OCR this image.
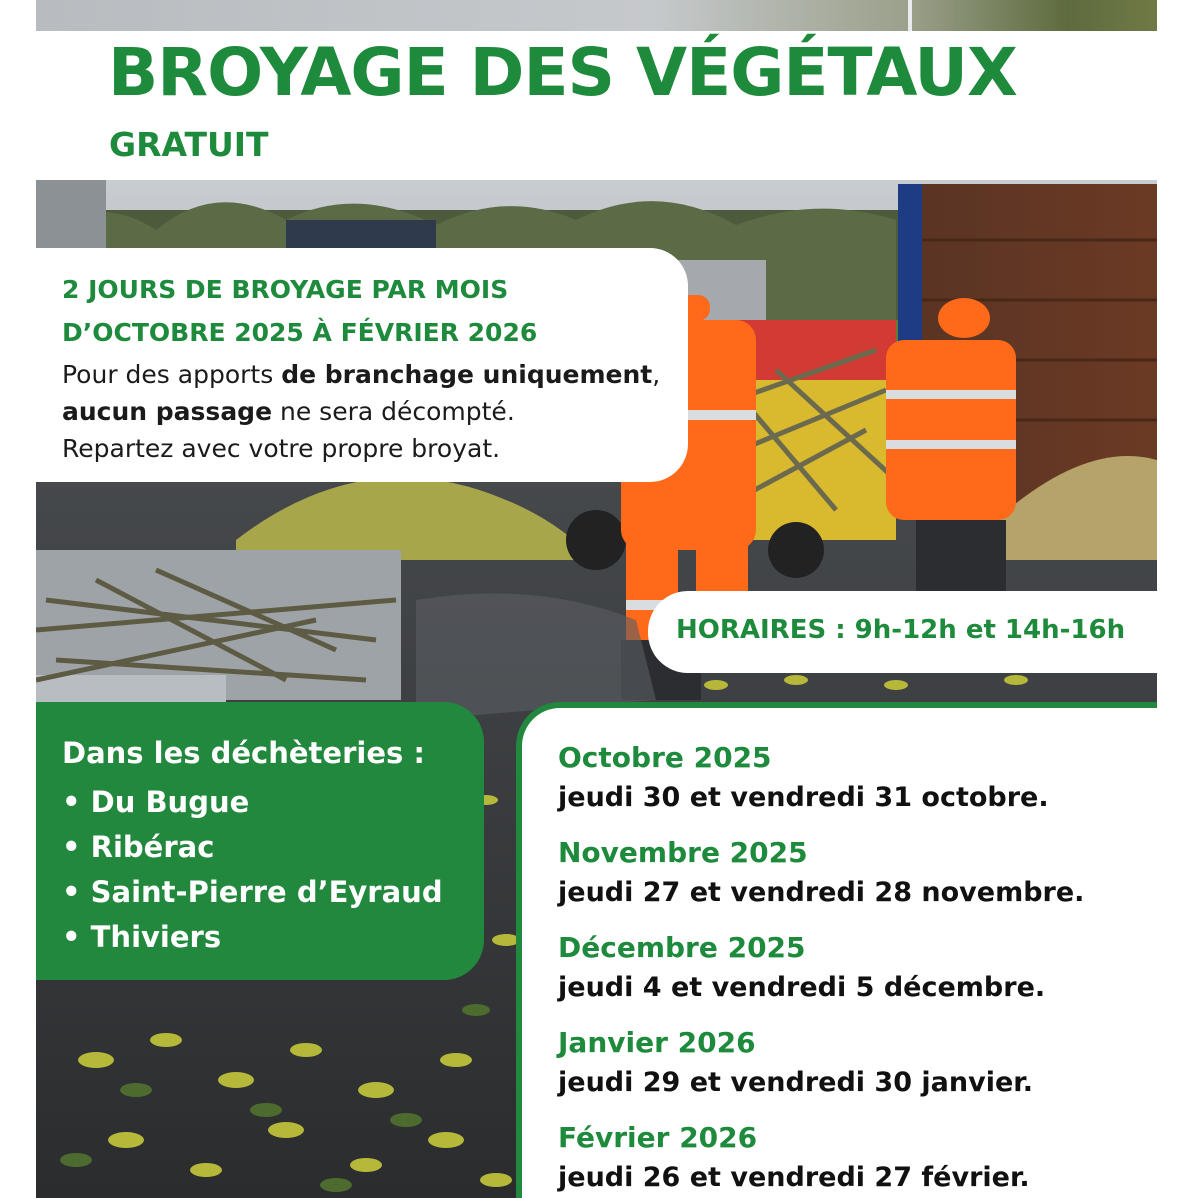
BROYAGE DES VÉGÉTAUX
GRATUIT

2 JOURS DE BROYAGE PAR MOIS
D’OCTOBRE 2025 À FÉVRIER 2026

Pour des apports de branchage uniquement,
aucun passage ne sera décompté.
Repartez avec votre propre broyat.

HORAIRES : 9h-12h et 14h-16h

Dans les déchèteries :

• Du Bugue
• Ribérac
• Saint-Pierre d’Eyraud
• Thiviers
Octobre 2025
jeudi 30 et vendredi 31 octobre.
Novembre 2025
jeudi 27 et vendredi 28 novembre.
Décembre 2025
jeudi 4 et vendredi 5 décembre.
Janvier 2026
jeudi 29 et vendredi 30 janvier.
Février 2026
jeudi 26 et vendredi 27 février.
